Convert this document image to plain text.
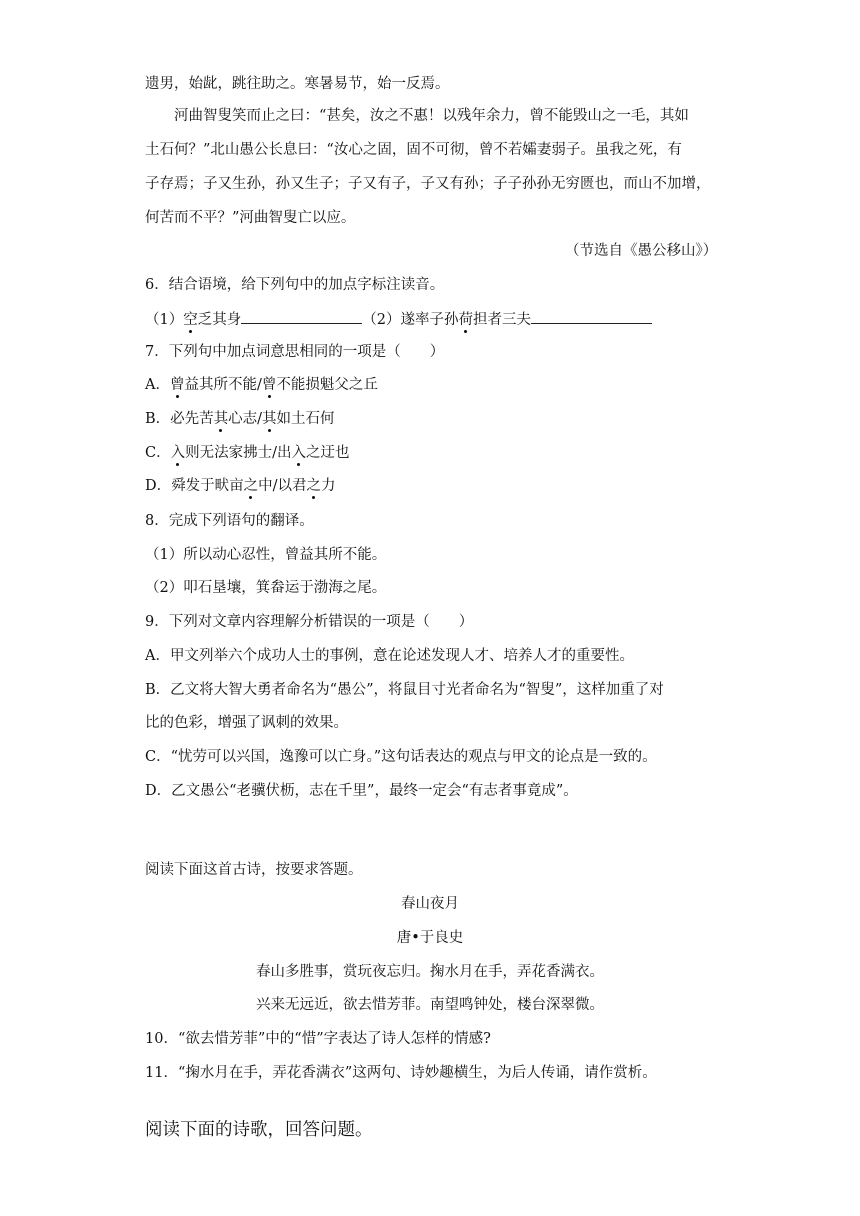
遗男，始龀，跳往助之。寒暑易节，始一反焉。
河曲智叟笑而止之曰：“甚矣，汝之不惠！以残年余力，曾不能毁山之一毛，其如
土石何？”北山愚公长息曰：“汝心之固，固不可彻，曾不若孀妻弱子。虽我之死，有
子存焉；子又生孙，孙又生子；子又有子，子又有孙；子子孙孙无穷匮也，而山不加增，
何苦而不平？”河曲智叟亡以应。
（节选自《愚公移山》）
6．结合语境，给下列句中的加点字标注读音。
（1）空乏其身	（2）遂率子孙荷担者三夫
7．下列句中加点词意思相同的一项是（　　）
A．曾益其所不能/曾不能损魁父之丘
B．必先苦其心志/其如土石何
C．入则无法家拂士/出入之迂也
D．舜发于畎亩之中/以君之力
8．完成下列语句的翻译。
（1）所以动心忍性，曾益其所不能。
（2）叩石垦壤，箕畚运于渤海之尾。
9．下列对文章内容理解分析错误的一项是（　　）
A．甲文列举六个成功人士的事例，意在论述发现人才、培养人才的重要性。
B．乙文将大智大勇者命名为“愚公”，将鼠目寸光者命名为“智叟”，这样加重了对
比的色彩，增强了讽刺的效果。
C．“忧劳可以兴国，逸豫可以亡身。”这句话表达的观点与甲文的论点是一致的。
D．乙文愚公“老骥伏枥，志在千里”，最终一定会“有志者事竟成”。
阅读下面这首古诗，按要求答题。
春山夜月
唐•于良史
春山多胜事，赏玩夜忘归。掬水月在手，弄花香满衣。
兴来无远近，欲去惜芳菲。南望鸣钟处，楼台深翠微。
10．“欲去惜芳菲”中的“惜”字表达了诗人怎样的情感?
11．“掬水月在手，弄花香满衣”这两句、诗妙趣横生，为后人传诵，请作赏析。
阅读下面的诗歌，回答问题。
